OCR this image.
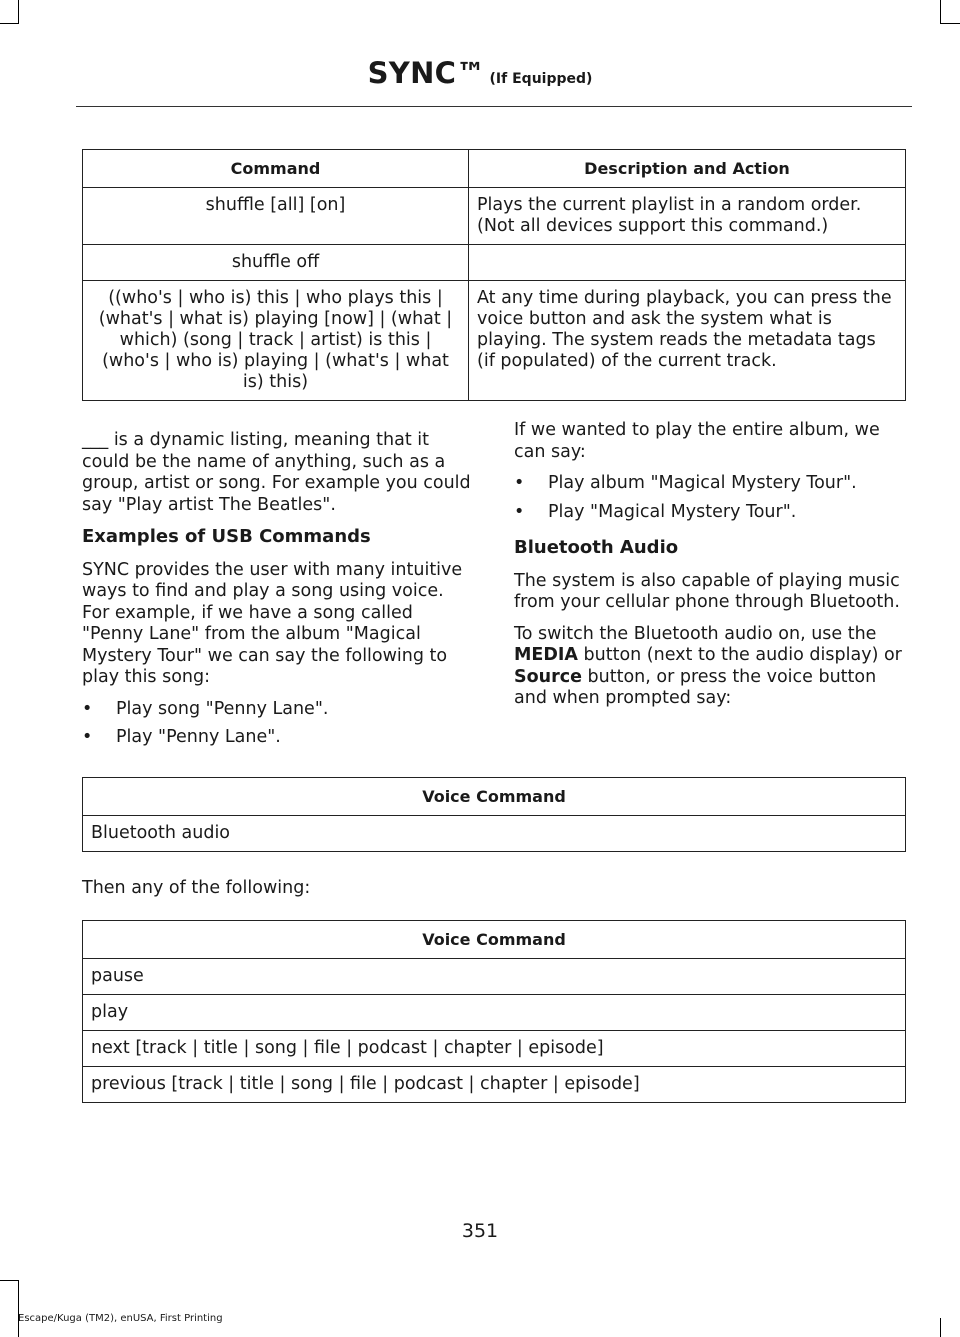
SYNC™ (If Equipped)
Command	Description and Action
shuffle [all] [on]	Plays the current playlist in a random order. (Not all devices support this command.)
shuffle off	
((who's | who is) this | who plays this | (what's | what is) playing [now] | (what | which) (song | track | artist) is this | (who's | who is) playing | (what's | what is) this)	At any time during playback, you can press the voice button and ask the system what is playing. The system reads the metadata tags (if populated) of the current track.

___ is a dynamic listing, meaning that it could be the name of anything, such as a group, artist or song. For example you could say "Play artist The Beatles".

Examples of USB Commands

SYNC provides the user with many intuitive ways to find and play a song using voice. For example, if we have a song called "Penny Lane" from the album "Magical Mystery Tour" we can say the following to play this song:

•	Play song "Penny Lane".
•	Play "Penny Lane".

If we wanted to play the entire album, we can say:

•	Play album "Magical Mystery Tour".
•	Play "Magical Mystery Tour".
Bluetooth Audio

The system is also capable of playing music from your cellular phone through Bluetooth.

To switch the Bluetooth audio on, use the MEDIA button (next to the audio display) or Source button, or press the voice button and when prompted say:

Voice Command
Bluetooth audio
Then any of the following:
Voice Command
pause
play
next [track | title | song | file | podcast | chapter | episode]
previous [track | title | song | file | podcast | chapter | episode]
351
Escape/Kuga (TM2), enUSA, First Printing
